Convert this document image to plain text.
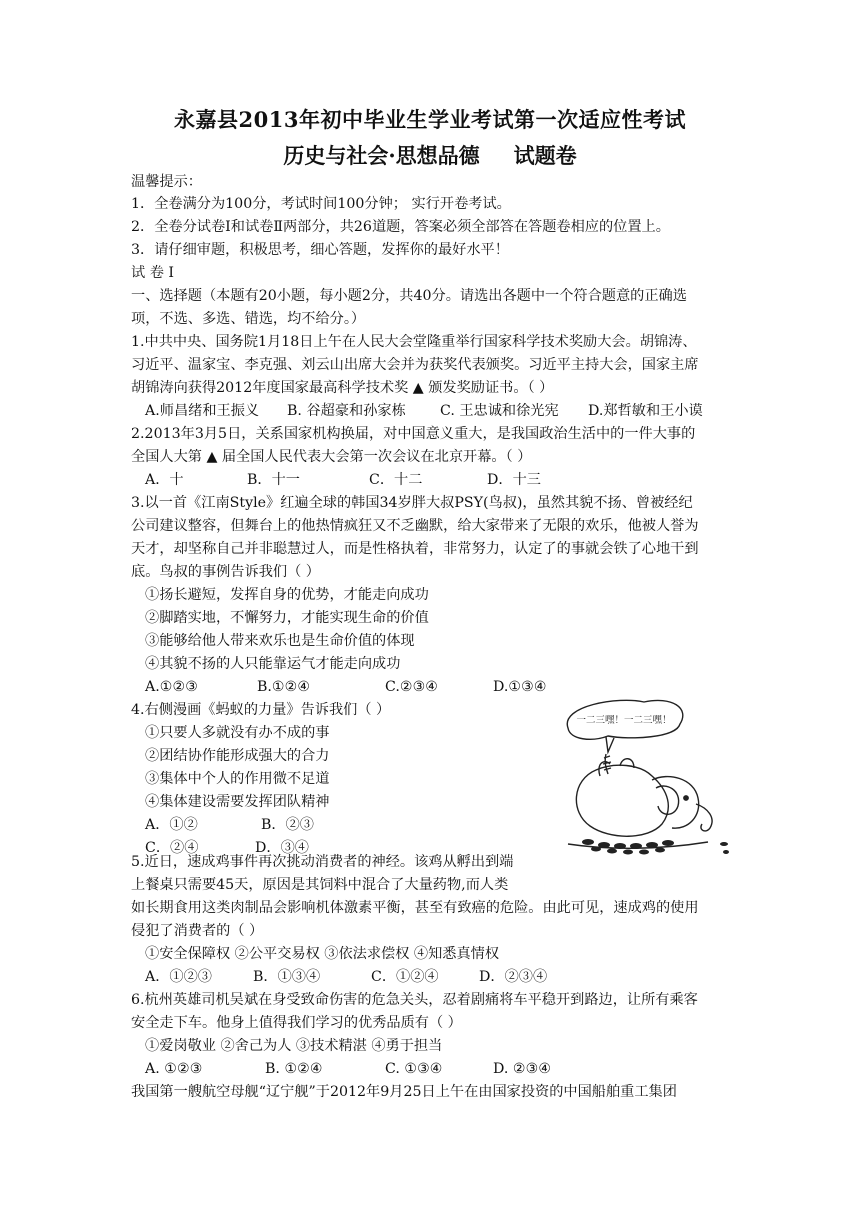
永嘉县2013年初中毕业生学业考试第一次适应性考试
历史与社会·思想品德 试题卷
温馨提示：
1．全卷满分为100分，考试时间100分钟； 实行开卷考试。
2．全卷分试卷Ⅰ和试卷Ⅱ两部分，共26道题，答案必须全部答在答题卷相应的位置上。
3．请仔细审题，积极思考，细心答题，发挥你的最好水平！
试 卷 Ⅰ
一、选择题（本题有20小题，每小题2分，共40分。请选出各题中一个符合题意的正确选
项，不选、多选、错选，均不给分。）
1.中共中央、国务院1月18日上午在人民大会堂隆重举行国家科学技术奖励大会。胡锦涛、
习近平、温家宝、李克强、刘云山出席大会并为获奖代表颁奖。习近平主持大会，国家主席
胡锦涛向获得2012年度国家最高科学技术奖 ▲ 颁发奖励证书。（ ）
A.师昌绪和王振义 B. 谷超豪和孙家栋 C. 王忠诚和徐光宪 D.郑哲敏和王小谟
2.2013年3月5日，关系国家机构换届，对中国意义重大，是我国政治生活中的一件大事的
全国人大第 ▲ 届全国人民代表大会第一次会议在北京开幕。（ ）
A．十	B．十一	C．十二	D．十三
3.以一首《江南Style》红遍全球的韩国34岁胖大叔PSY(鸟叔)，虽然其貌不扬、曾被经纪
公司建议整容，但舞台上的他热情疯狂又不乏幽默，给大家带来了无限的欢乐，他被人誉为
天才，却坚称自己并非聪慧过人，而是性格执着，非常努力，认定了的事就会铁了心地干到
底。鸟叔的事例告诉我们（ ）
①扬长避短，发挥自身的优势，才能走向成功
②脚踏实地，不懈努力，才能实现生命的价值
③能够给他人带来欢乐也是生命价值的体现
④其貌不扬的人只能靠运气才能走向成功
A.①②③	B.①②④	C.②③④	D.①③④
4.右侧漫画《蚂蚁的力量》告诉我们（ ）
①只要人多就没有办不成的事
②团结协作能形成强大的合力
③集体中个人的作用微不足道
④集体建设需要发挥团队精神
A．①②	B．②③
C．②④	D．③④
一二三嘿！一二三嘿！
5.近日，速成鸡事件再次挑动消费者的神经。该鸡从孵出到端
上餐桌只需要45天，原因是其饲料中混合了大量药物,而人类
如长期食用这类肉制品会影响机体激素平衡，甚至有致癌的危险。由此可见，速成鸡的使用
侵犯了消费者的（ ）
①安全保障权 ②公平交易权 ③依法求偿权 ④知悉真情权
A．①②③	B．①③④	C．①②④	D．②③④
6.杭州英雄司机吴斌在身受致命伤害的危急关头，忍着剧痛将车平稳开到路边，让所有乘客
安全走下车。他身上值得我们学习的优秀品质有（ ）
①爱岗敬业 ②舍己为人 ③技术精湛 ④勇于担当
A. ①②③	B. ①②④	C. ①③④	D. ②③④
我国第一艘航空母舰“辽宁舰”于2012年9月25日上午在由国家投资的中国船舶重工集团
